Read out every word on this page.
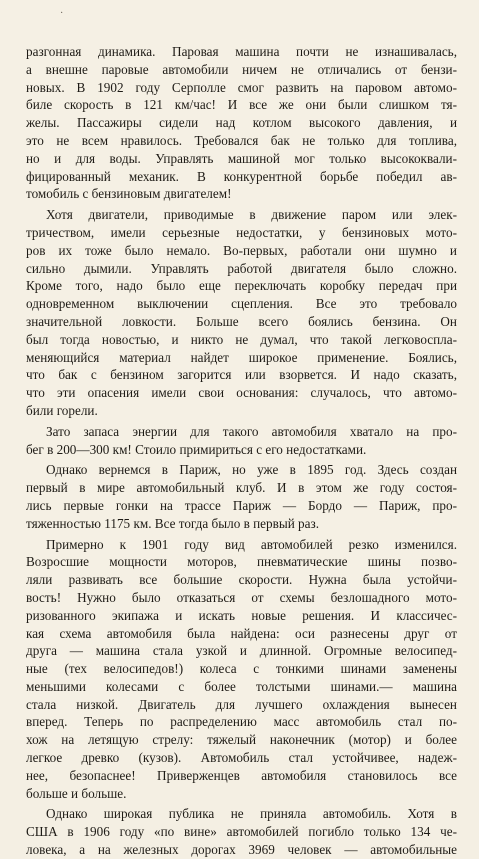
·
разгонная динамика. Паровая машина почти не изнашивалась,
а внешне паровые автомобили ничем не отличались от бензи-
новых. В 1902 году Серполле смог развить на паровом автомо-
биле скорость в 121 км/час! И все же они были слишком тя-
желы. Пассажиры сидели над котлом высокого давления, и
это не всем нравилось. Требовался бак не только для топлива,
но и для воды. Управлять машиной мог только высококвали-
фицированный механик. В конкурентной борьбе победил ав-
томобиль с бензиновым двигателем!
Хотя двигатели, приводимые в движение паром или элек-
тричеством, имели серьезные недостатки, у бензиновых мото-
ров их тоже было немало. Во-первых, работали они шумно и
сильно дымили. Управлять работой двигателя было сложно.
Кроме того, надо было еще переключать коробку передач при
одновременном выключении сцепления. Все это требовало
значительной ловкости. Больше всего боялись бензина. Он
был тогда новостью, и никто не думал, что такой легковоспла-
меняющийся материал найдет широкое применение. Боялись,
что бак с бензином загорится или взорвется. И надо сказать,
что эти опасения имели свои основания: случалось, что автомо-
били горели.
Зато запаса энергии для такого автомобиля хватало на про-
бег в 200—300 км! Стоило примириться с его недостатками.
Однако вернемся в Париж, но уже в 1895 год. Здесь создан
первый в мире автомобильный клуб. И в этом же году состоя-
лись первые гонки на трассе Париж — Бордо — Париж, про-
тяженностью 1175 км. Все тогда было в первый раз.
Примерно к 1901 году вид автомобилей резко изменился.
Возросшие мощности моторов, пневматические шины позво-
ляли развивать все большие скорости. Нужна была устойчи-
вость! Нужно было отказаться от схемы безлошадного мото-
ризованного экипажа и искать новые решения. И классичес-
кая схема автомобиля была найдена: оси разнесены друг от
друга — машина стала узкой и длинной. Огромные велосипед-
ные (тех велосипедов!) колеса с тонкими шинами заменены
меньшими колесами с более толстыми шинами.— машина
стала низкой. Двигатель для лучшего охлаждения вынесен
вперед. Теперь по распределению масс автомобиль стал по-
хож на летящую стрелу: тяжелый наконечник (мотор) и более
легкое древко (кузов). Автомобиль стал устойчивее, надеж-
нее, безопаснее! Приверженцев автомобиля становилось все
больше и больше.
Однако широкая публика не приняла автомобиль. Хотя в
США в 1906 году «по вине» автомобилей погибло только 134 че-
ловека, а на железных дорогах 3969 человек — автомобильные
